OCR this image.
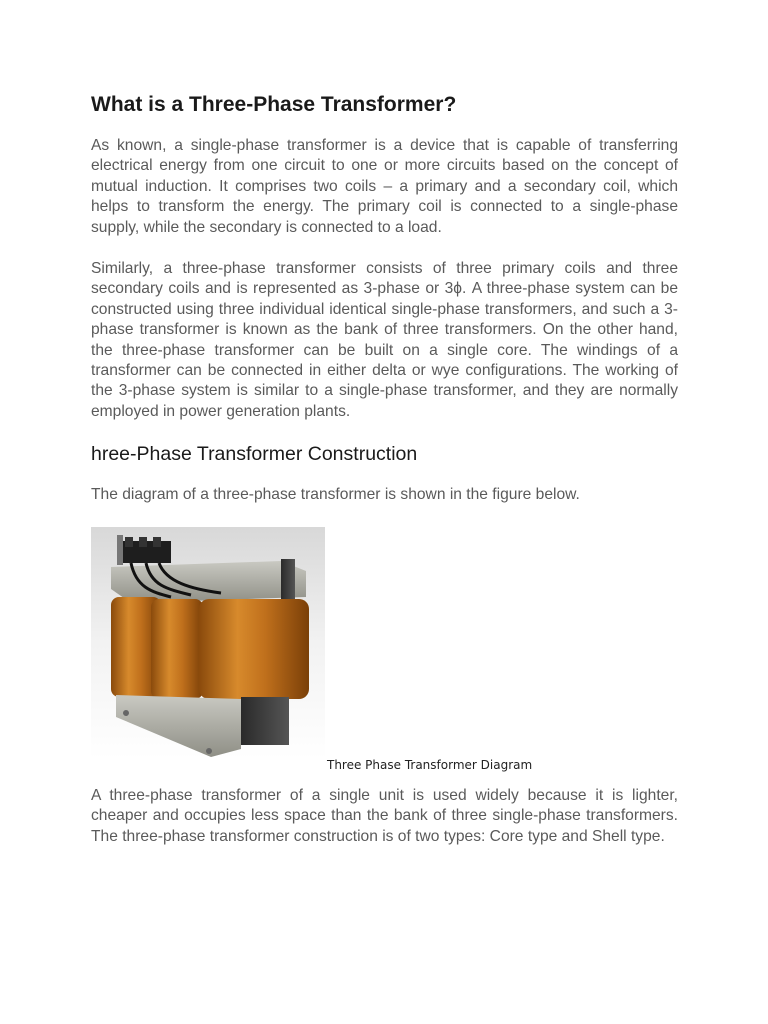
What is a Three-Phase Transformer?

As known, a single-phase transformer is a device that is capable of transferring electrical energy from one circuit to one or more circuits based on the concept of mutual induction. It comprises two coils – a primary and a secondary coil, which helps to transform the energy. The primary coil is connected to a single-phase supply, while the secondary is connected to a load.

Similarly, a three-phase transformer consists of three primary coils and three secondary coils and is represented as 3-phase or 3ϕ. A three-phase system can be constructed using three individual identical single-phase transformers, and such a 3-phase transformer is known as the bank of three transformers. On the other hand, the three-phase transformer can be built on a single core. The windings of a transformer can be connected in either delta or wye configurations. The working of the 3-phase system is similar to a single-phase transformer, and they are normally employed in power generation plants.

hree-Phase Transformer Construction

The diagram of a three-phase transformer is shown in the figure below.

Three Phase Transformer Diagram

A three-phase transformer of a single unit is used widely because it is lighter, cheaper and occupies less space than the bank of three single-phase transformers. The three-phase transformer construction is of two types: Core type and Shell type.
